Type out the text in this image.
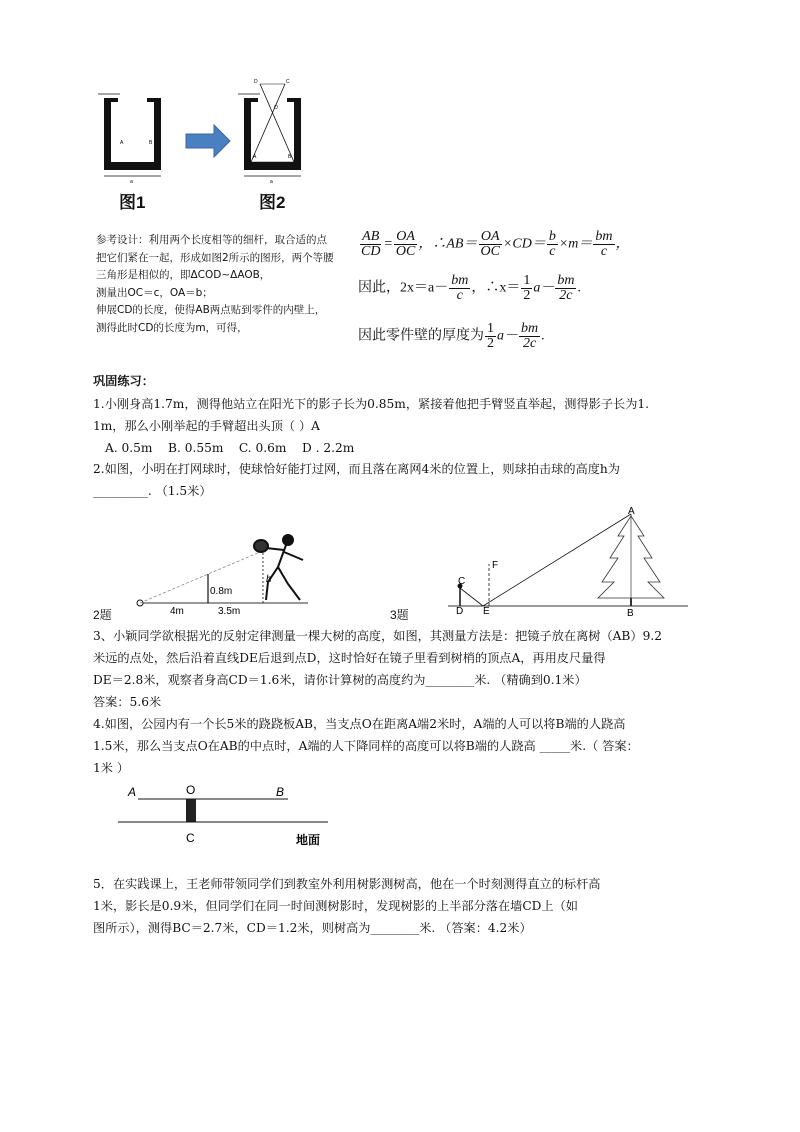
A	B
a
D	C
O
A	B
a
图1	图2
参考设计：利用两个长度相等的细杆，取合适的点
把它们紧在一起，形成如图2所示的图形，两个等腰
三角形是相似的，即ΔCOD∼ΔAOB，
测量出OC＝c，OA＝b；
伸展CD的长度，使得AB两点贴到零件的内壁上，
测得此时CD的长度为m，可得，
$\frac{AB}{CD} = \frac{OA}{OC}$ ，∴AB＝ $\frac{OA}{OC} \times CD= \frac{b}{c} \times m= \frac{bm}{c}$ ，
因此，$2x=a- \frac{bm}{c}$ ，∴x＝ $\frac{1}{2} a- \frac{bm}{2c}$ .
因此零件壁的厚度为 $\frac{1}{2} a- \frac{bm}{2c}$ .
巩固练习：
1.小刚身高1.7m，测得他站立在阳光下的影子长为0.85m，紧接着他把手臂竖直举起，测得影子长为1.
1m，那么小刚举起的手臂超出头顶（ ）A
A. 0.5m    B. 0.55m    C. 0.6m    D . 2.2m
2.如图，小明在打网球时，使球恰好能打过网，而且落在离网4米的位置上，则球拍击球的高度h为
_________. （1.5米）
0.8m
h
4m	3.5m
2题
C
D E
F
A
B
3题
3、小颖同学欲根据光的反射定律测量一棵大树的高度，如图，其测量方法是：把镜子放在离树（AB）9.2
米远的点处，然后沿着直线DE后退到点D，这时恰好在镜子里看到树梢的顶点A，再用皮尺量得
DE＝2.8米，观察者身高CD＝1.6米，请你计算树的高度约为________米. （精确到0.1米）
答案：5.6米
4.如图，公园内有一个长5米的跷跷板AB，当支点O在距离A端2米时，A端的人可以将B端的人跷高
1.5米，那么当支点O在AB的中点时，A端的人下降同样的高度可以将B端的人跷高 _____米.（ 答案：
1米 ）
A	O	B
C	地面
5．在实践课上，王老师带领同学们到教室外利用树影测树高，他在一个时刻测得直立的标杆高
1米，影长是0.9米，但同学们在同一时间测树影时，发现树影的上半部分落在墙CD上（如
图所示），测得BC＝2.7米，CD＝1.2米，则树高为________米. （答案：4.2米）
